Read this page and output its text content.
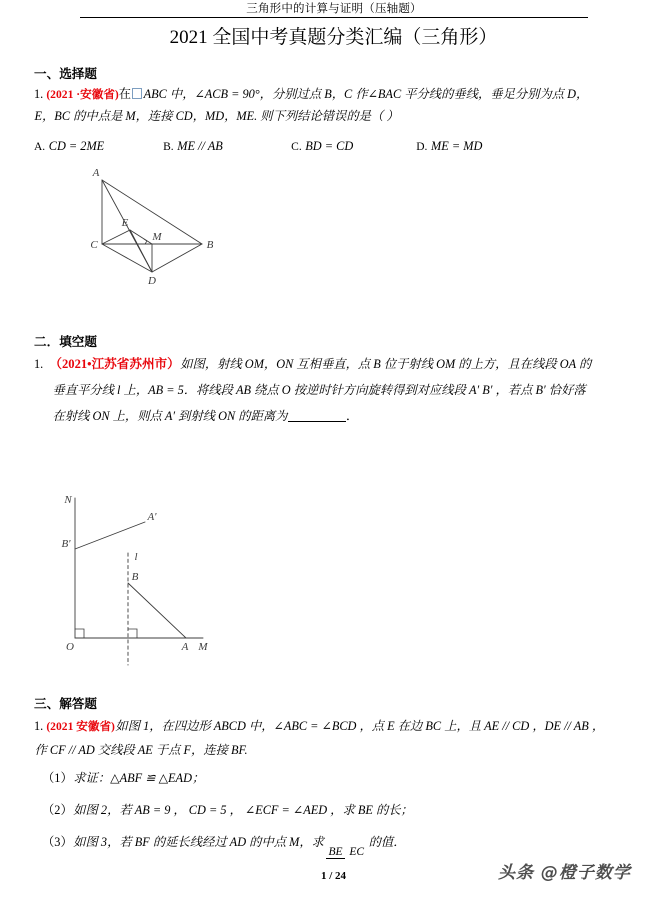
三角形中的计算与证明（压轴题）
2021 全国中考真题分类汇编（三角形）
一、选择题
1. (2021 ·安徽省)在 ABC 中，∠ACB = 90°，分别过点 B，C 作∠BAC 平分线的垂线，垂足分别为点 D，
E，BC 的中点是 M，连接 CD，MD，ME. 则下列结论错误的是（ ）
A. CD = 2ME	B. ME // AB	C. BD = CD	D. ME = MD
A
C	B
M
E
D
二．填空题
1. （2021•江苏省苏州市）如图，射线 OM，ON 互相垂直，点 B 位于射线 OM 的上方，且在线段 OA 的
垂直平分线 l 上，AB = 5．将线段 AB 绕点 O 按逆时针方向旋转得到对应线段 A′ B′ ，若点 B′ 恰好落
在射线 ON 上，则点 A′ 到射线 ON 的距离为	．
N
O	M
A
B
A'
B'
l
三、解答题
1. (2021 安徽省)如图 1，在四边形 ABCD 中，∠ABC = ∠BCD ，点 E 在边 BC 上，且 AE // CD ，DE // AB ，
作 CF // AD 交线段 AE 于点 F，连接 BF.
（1）求证：△ABF ≌ △EAD；
（2）如图 2，若 AB = 9 ， CD = 5 ， ∠ECF = ∠AED ，求 BE 的长；
（3）如图 3，若 BF 的延长线经过 AD 的中点 M，求BE EC的值．
1 / 24	头条 @橙子数学
